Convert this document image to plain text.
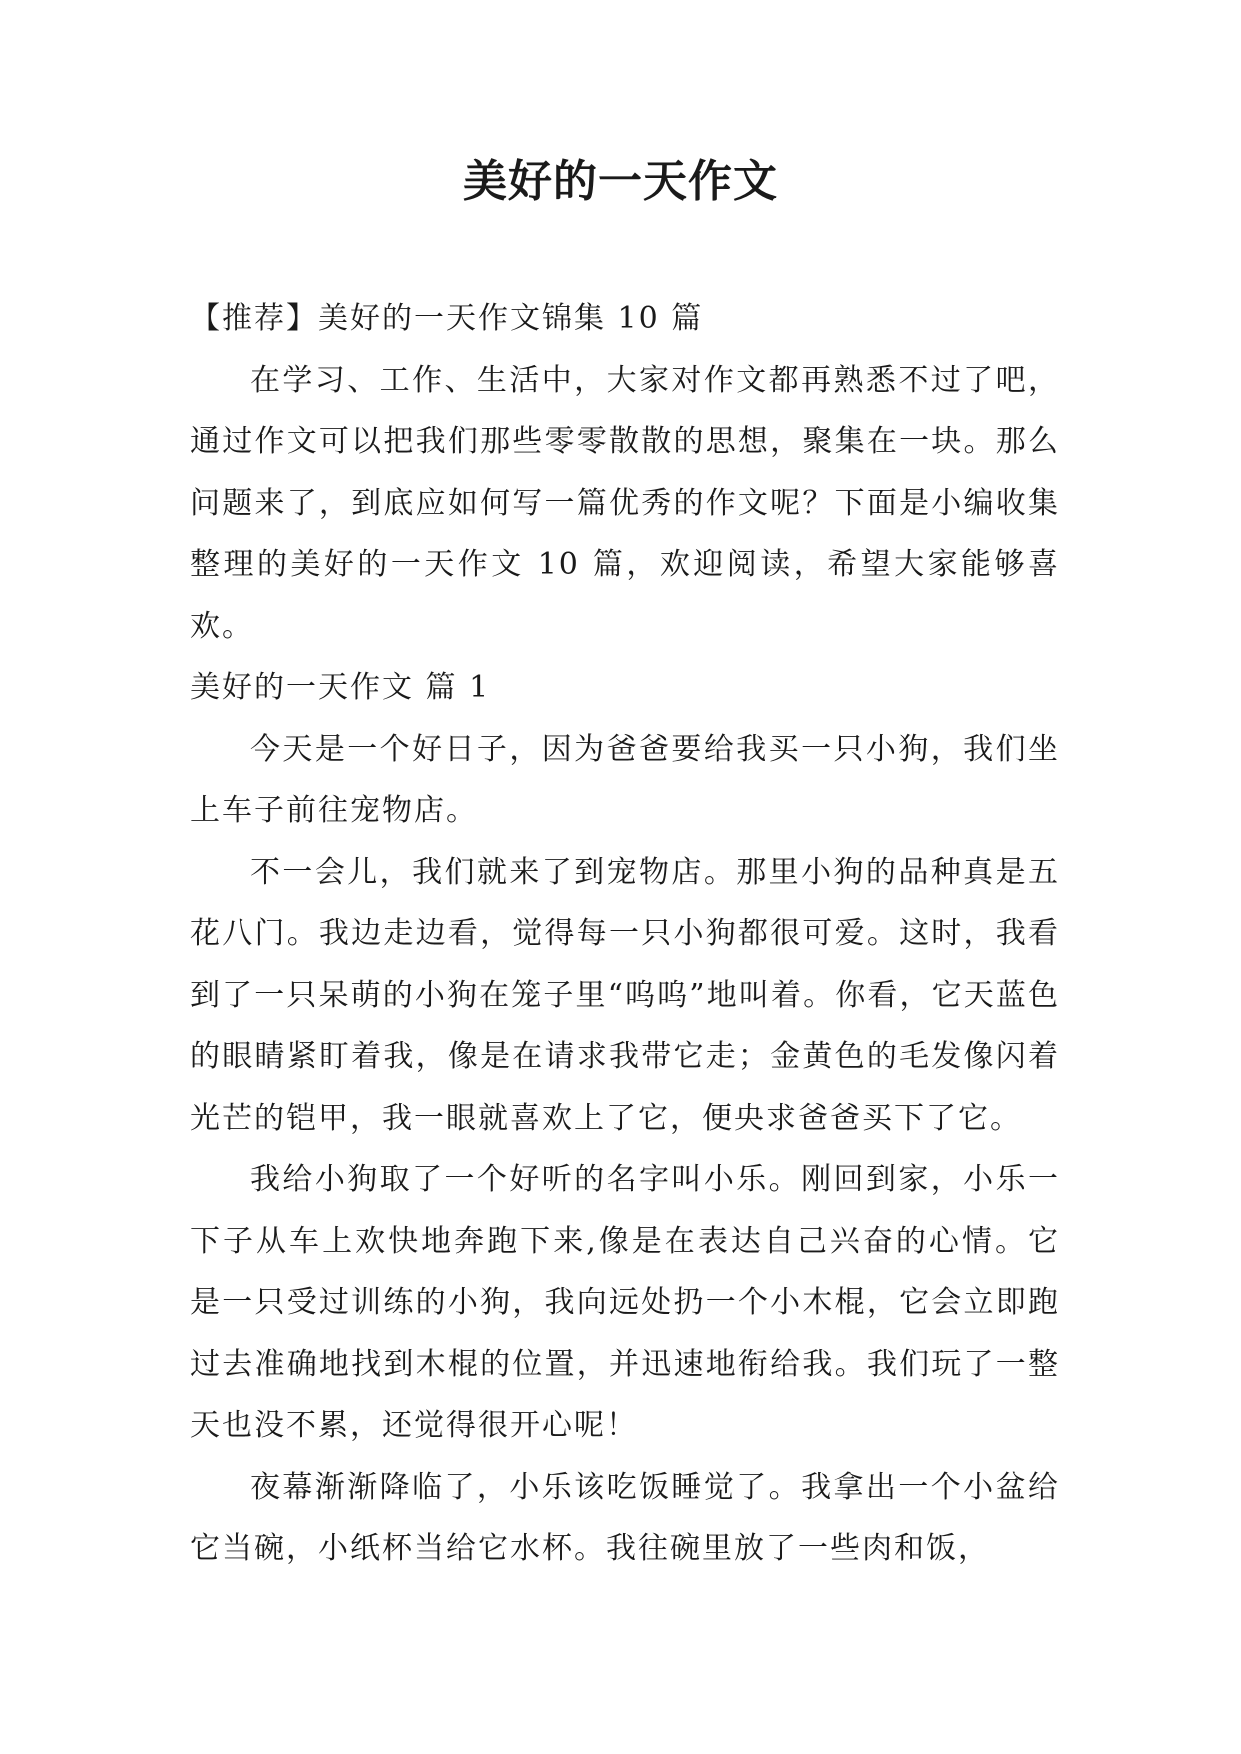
美好的一天作文

【推荐】美好的一天作文锦集 10 篇

在学习、工作、生活中，大家对作文都再熟悉不过了吧，通过作文可以把我们那些零零散散的思想，聚集在一块。那么问题来了，到底应如何写一篇优秀的作文呢？下面是小编收集整理的美好的一天作文 10 篇，欢迎阅读，希望大家能够喜欢。

美好的一天作文 篇 1

今天是一个好日子，因为爸爸要给我买一只小狗，我们坐上车子前往宠物店。

不一会儿，我们就来了到宠物店。那里小狗的品种真是五花八门。我边走边看，觉得每一只小狗都很可爱。这时，我看到了一只呆萌的小狗在笼子里“呜呜”地叫着。你看，它天蓝色的眼睛紧盯着我，像是在请求我带它走；金黄色的毛发像闪着光芒的铠甲，我一眼就喜欢上了它，便央求爸爸买下了它。

我给小狗取了一个好听的名字叫小乐。刚回到家，小乐一下子从车上欢快地奔跑下来,像是在表达自己兴奋的心情。它是一只受过训练的小狗，我向远处扔一个小木棍，它会立即跑过去准确地找到木棍的位置，并迅速地衔给我。我们玩了一整天也没不累，还觉得很开心呢！

夜幕渐渐降临了，小乐该吃饭睡觉了。我拿出一个小盆给它当碗，小纸杯当给它水杯。我往碗里放了一些肉和饭，
